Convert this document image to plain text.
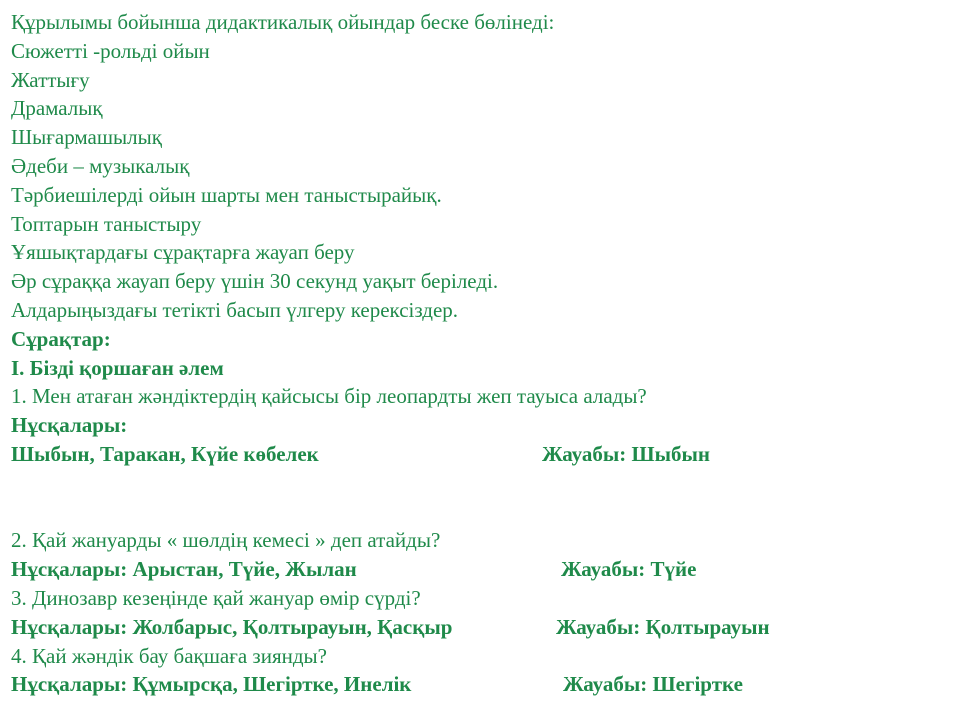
Құрылымы бойынша дидактикалық ойындар беске бөлінеді:
Сюжетті -рольді ойын
Жаттығу
Драмалық
Шығармашылық
Әдеби – музыкалық
Тәрбиешілерді ойын шарты мен таныстырайық.
Топтарын таныстыру
Ұяшықтардағы сұрақтарға жауап беру
Әр сұраққа жауап беру үшін 30 секунд уақыт беріледі.
Алдарыңыздағы тетікті басып үлгеру керексіздер.
Сұрақтар:
І. Бізді қоршаған әлем
1. Мен атаған жәндіктердің қайсысы бір леопардты жеп тауыса алады?
Нұсқалары:
Шыбын, Таракан, Күйе көбелек	Жауабы: Шыбын
2. Қай жануарды « шөлдің кемесі » деп атайды?
Нұсқалары: Арыстан, Түйе, Жылан	Жауабы: Түйе
3. Динозавр кезеңінде қай жануар өмір сүрді?
Нұсқалары: Жолбарыс, Қолтырауын, Қасқыр	Жауабы: Қолтырауын
4. Қай жәндік бау бақшаға зиянды?
Нұсқалары: Құмырсқа, Шегіртке, Инелік	Жауабы: Шегіртке
